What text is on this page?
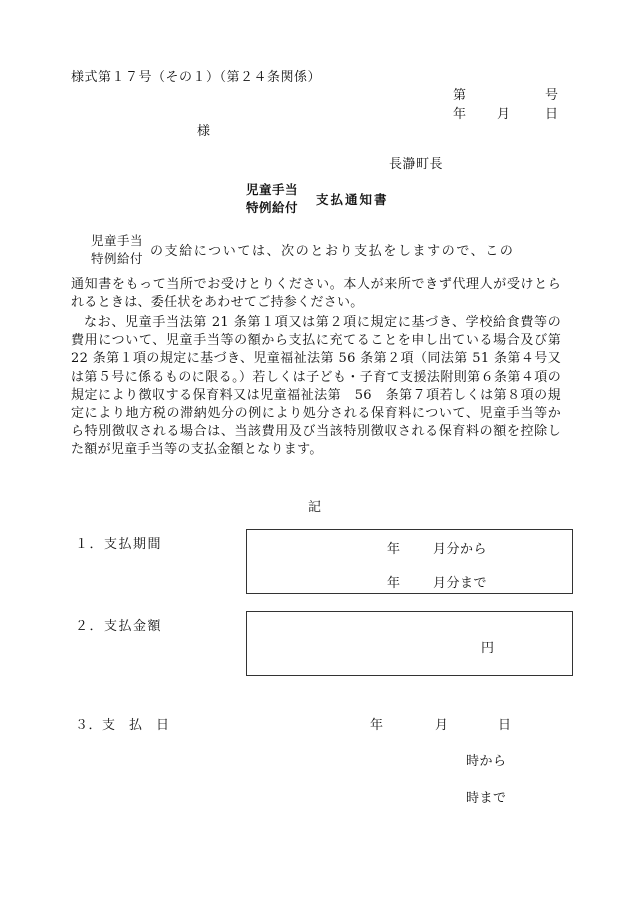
様式第１７号（その１）（第２４条関係）
第	号
年 月	日
様
長瀞町長
児童手当
特例給付
支払通知書
児童手当
特例給付 の支給については、次のとおり支払をしますので、この
通知書をもって当所でお受けとりください。本人が来所できず代理人が受けとられるときは、委任状をあわせてご持参ください。
なお、児童手当法第 21 条第１項又は第２項に規定に基づき、学校給食費等の費用について、児童手当等の額から支払に充てることを申し出ている場合及び第 22 条第１項の規定に基づき、児童福祉法第 56 条第２項（同法第 51 条第４号又は第５号に係るものに限る。）若しくは子ども・子育て支援法附則第６条第４項の規定により徴収する保育料又は児童福祉法第　56　条第７項若しくは第８項の規定により地方税の滞納処分の例により処分される保育料について、児童手当等から特別徴収される場合は、当該費用及び当該特別徴収される保育料の額を控除した額が児童手当等の支払金額となります。
記
１．支払期間	年 月分から
年 月分まで
２．支払金額
円
３．支　払　日	年	月	日
時から
時まで
